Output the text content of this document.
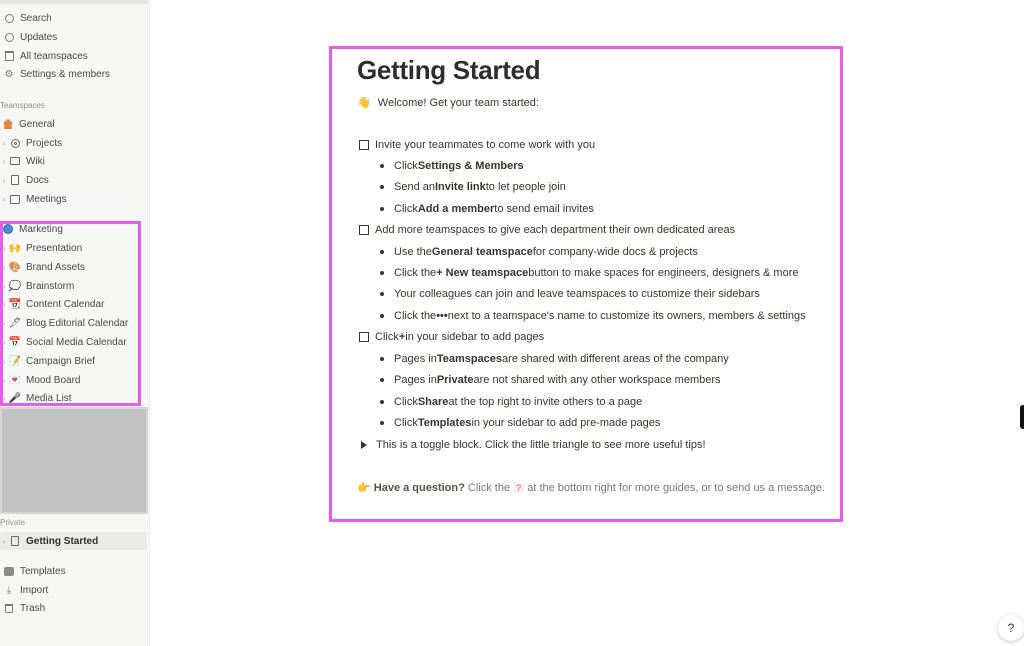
Search
Updates
All teamspaces
⚙ Settings & members
Teamspaces
General
› Projects
› Wiki
› Docs
› Meetings
Marketing
› 🙌 Presentation
› 🎨 Brand Assets
› 💭 Brainstorm
› 📆 Content Calendar
› 🖋 Blog Editorial Calendar
› 📅 Social Media Calendar
› 📝 Campaign Brief
› 💌 Mood Board
› 🎤 Media List
Private
› Getting Started
Templates
⤓ Import
Trash
Getting Started
👋 Welcome! Get your team started:
Invite your teammates to come work with you
Click Settings & Members
Send an Invite link to let people join
Click Add a member to send email invites
Add more teamspaces to give each department their own dedicated areas
Use the General teamspace for company-wide docs & projects
Click the + New teamspace button to make spaces for engineers, designers & more
Your colleagues can join and leave teamspaces to customize their sidebars
Click the ••• next to a teamspace's name to customize its owners, members & settings
Click + in your sidebar to add pages
Pages in Teamspaces are shared with different areas of the company
Pages in Private are not shared with any other workspace members
Click Share at the top right to invite others to a page
Click Templates in your sidebar to add pre-made pages
This is a toggle block. Click the little triangle to see more useful tips!
👉 Have a question? Click the ? at the bottom right for more guides, or to send us a message.
?
